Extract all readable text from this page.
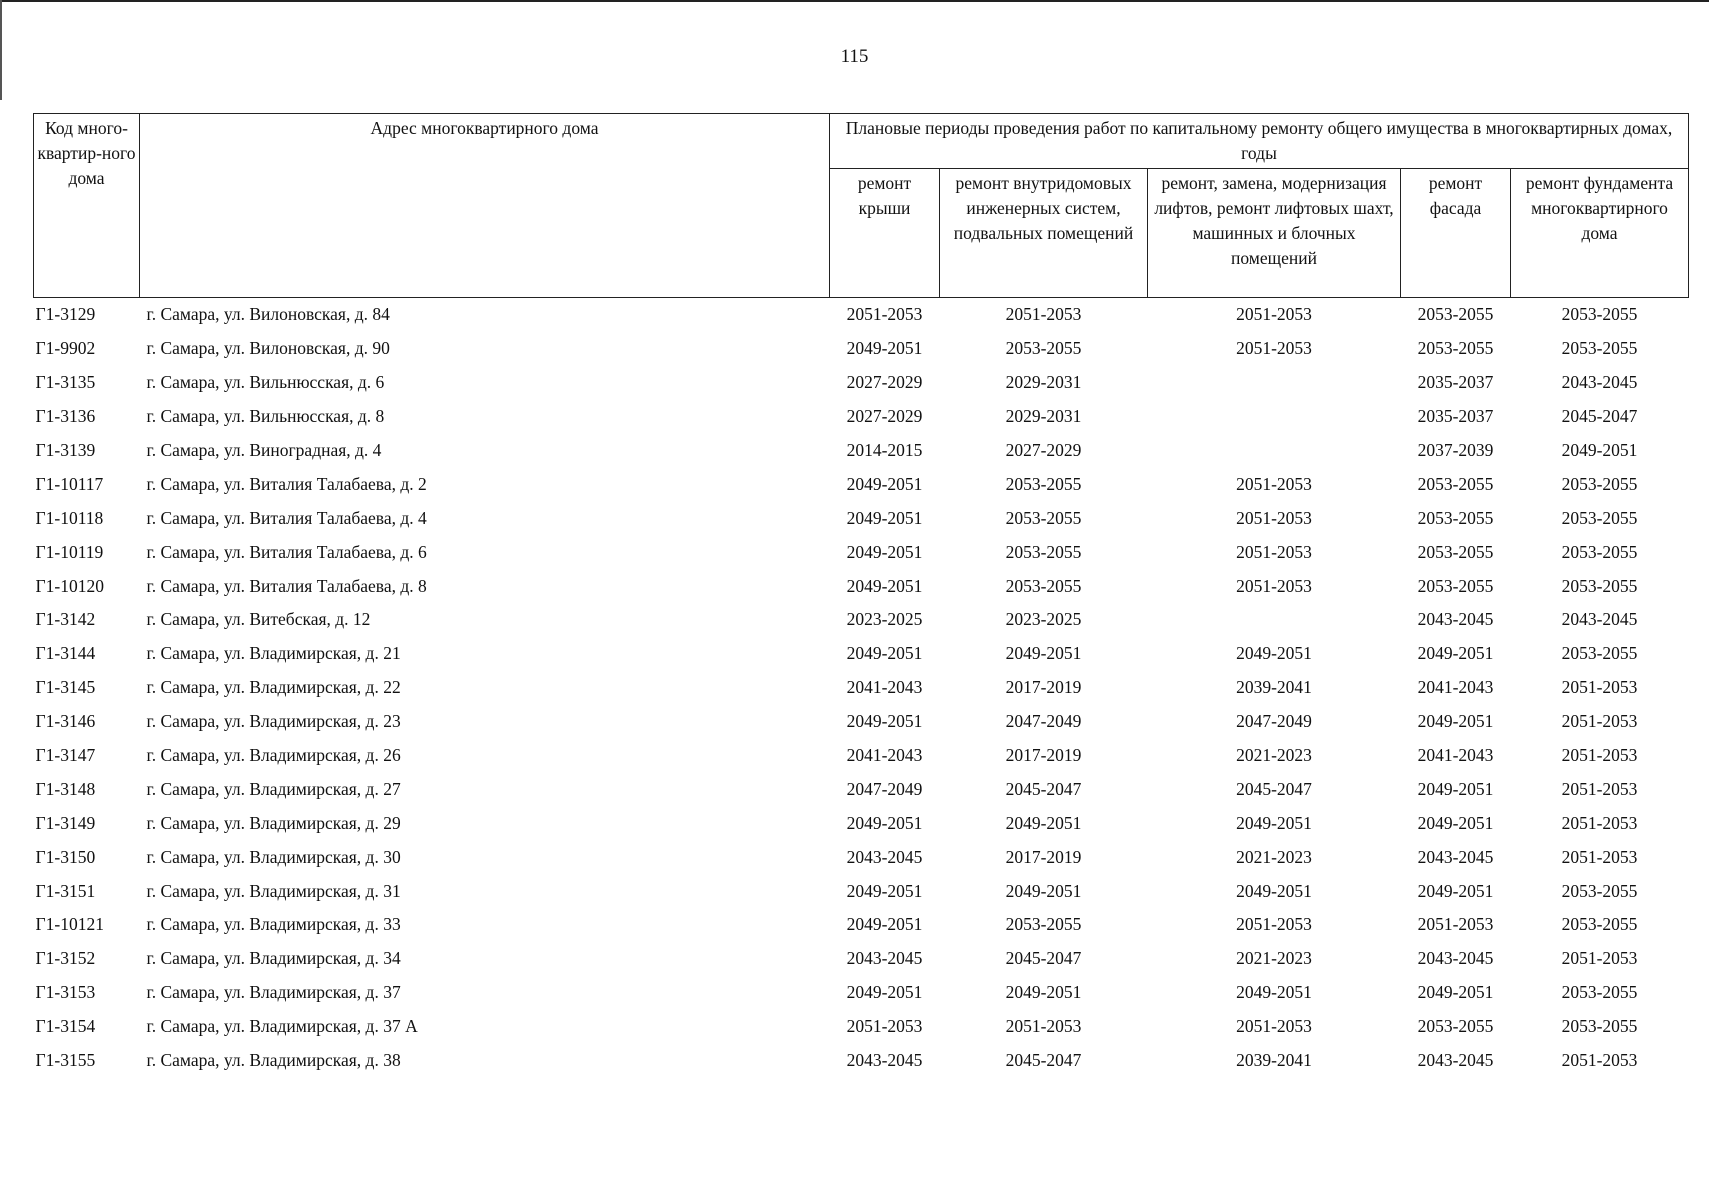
115
Код много-квартир-ного дома	Адрес многоквартирного дома	Плановые периоды проведения работ по капитальному ремонту общего имущества в многоквартирных домах, годы				
		ремонт крыши	ремонт внутридомовых инженерных систем, подвальных помещений	ремонт, замена, модернизация лифтов, ремонт лифтовых шахт, машинных и блочных помещений	ремонт фасада	ремонт фундамента многоквартирного дома
Г1-3129	г. Самара, ул. Вилоновская, д. 84	2051-2053	2051-2053	2051-2053	2053-2055	2053-2055
Г1-9902	г. Самара, ул. Вилоновская, д. 90	2049-2051	2053-2055	2051-2053	2053-2055	2053-2055
Г1-3135	г. Самара, ул. Вильнюсская, д. 6	2027-2029	2029-2031		2035-2037	2043-2045
Г1-3136	г. Самара, ул. Вильнюсская, д. 8	2027-2029	2029-2031		2035-2037	2045-2047
Г1-3139	г. Самара, ул. Виноградная, д. 4	2014-2015	2027-2029		2037-2039	2049-2051
Г1-10117	г. Самара, ул. Виталия Талабаева, д. 2	2049-2051	2053-2055	2051-2053	2053-2055	2053-2055
Г1-10118	г. Самара, ул. Виталия Талабаева, д. 4	2049-2051	2053-2055	2051-2053	2053-2055	2053-2055
Г1-10119	г. Самара, ул. Виталия Талабаева, д. 6	2049-2051	2053-2055	2051-2053	2053-2055	2053-2055
Г1-10120	г. Самара, ул. Виталия Талабаева, д. 8	2049-2051	2053-2055	2051-2053	2053-2055	2053-2055
Г1-3142	г. Самара, ул. Витебская, д. 12	2023-2025	2023-2025		2043-2045	2043-2045
Г1-3144	г. Самара, ул. Владимирская, д. 21	2049-2051	2049-2051	2049-2051	2049-2051	2053-2055
Г1-3145	г. Самара, ул. Владимирская, д. 22	2041-2043	2017-2019	2039-2041	2041-2043	2051-2053
Г1-3146	г. Самара, ул. Владимирская, д. 23	2049-2051	2047-2049	2047-2049	2049-2051	2051-2053
Г1-3147	г. Самара, ул. Владимирская, д. 26	2041-2043	2017-2019	2021-2023	2041-2043	2051-2053
Г1-3148	г. Самара, ул. Владимирская, д. 27	2047-2049	2045-2047	2045-2047	2049-2051	2051-2053
Г1-3149	г. Самара, ул. Владимирская, д. 29	2049-2051	2049-2051	2049-2051	2049-2051	2051-2053
Г1-3150	г. Самара, ул. Владимирская, д. 30	2043-2045	2017-2019	2021-2023	2043-2045	2051-2053
Г1-3151	г. Самара, ул. Владимирская, д. 31	2049-2051	2049-2051	2049-2051	2049-2051	2053-2055
Г1-10121	г. Самара, ул. Владимирская, д. 33	2049-2051	2053-2055	2051-2053	2051-2053	2053-2055
Г1-3152	г. Самара, ул. Владимирская, д. 34	2043-2045	2045-2047	2021-2023	2043-2045	2051-2053
Г1-3153	г. Самара, ул. Владимирская, д. 37	2049-2051	2049-2051	2049-2051	2049-2051	2053-2055
Г1-3154	г. Самара, ул. Владимирская, д. 37 А	2051-2053	2051-2053	2051-2053	2053-2055	2053-2055
Г1-3155	г. Самара, ул. Владимирская, д. 38	2043-2045	2045-2047	2039-2041	2043-2045	2051-2053
